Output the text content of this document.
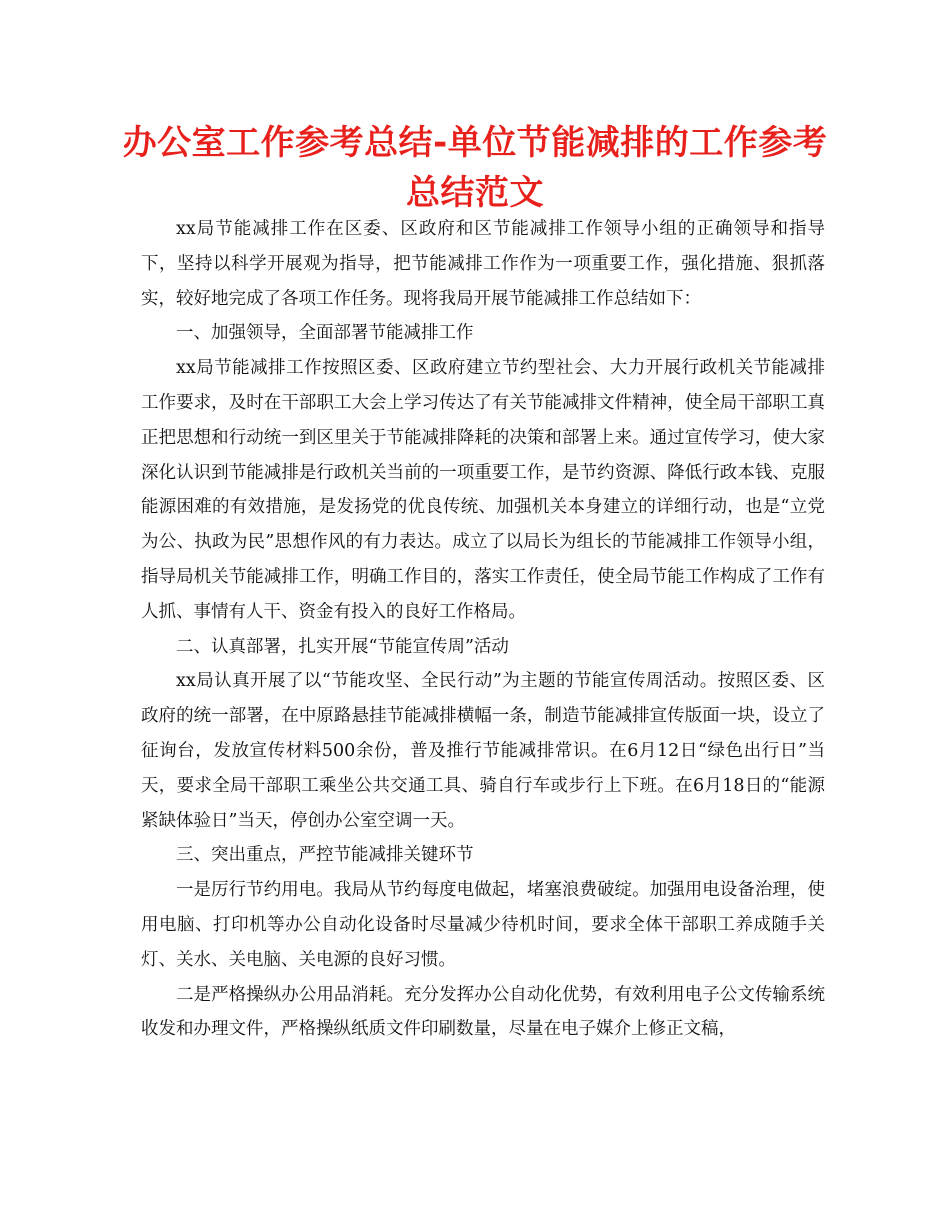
办公室工作参考总结-单位节能减排的工作参考总结范文

xx局节能减排工作在区委、区政府和区节能减排工作领导小组的正确领导和指导下，坚持以科学开展观为指导，把节能减排工作作为一项重要工作，强化措施、狠抓落实，较好地完成了各项工作任务。现将我局开展节能减排工作总结如下：

一、加强领导，全面部署节能减排工作

xx局节能减排工作按照区委、区政府建立节约型社会、大力开展行政机关节能减排工作要求，及时在干部职工大会上学习传达了有关节能减排文件精神，使全局干部职工真正把思想和行动统一到区里关于节能减排降耗的决策和部署上来。通过宣传学习，使大家深化认识到节能减排是行政机关当前的一项重要工作，是节约资源、降低行政本钱、克服能源困难的有效措施，是发扬党的优良传统、加强机关本身建立的详细行动，也是“立党为公、执政为民”思想作风的有力表达。成立了以局长为组长的节能减排工作领导小组，指导局机关节能减排工作，明确工作目的，落实工作责任，使全局节能工作构成了工作有人抓、事情有人干、资金有投入的良好工作格局。

二、认真部署，扎实开展“节能宣传周”活动

xx局认真开展了以“节能攻坚、全民行动”为主题的节能宣传周活动。按照区委、区政府的统一部署，在中原路悬挂节能减排横幅一条，制造节能减排宣传版面一块，设立了征询台，发放宣传材料500余份，普及推行节能减排常识。在6月12日“绿色出行日”当天，要求全局干部职工乘坐公共交通工具、骑自行车或步行上下班。在6月18日的“能源紧缺体验日”当天，停创办公室空调一天。

三、突出重点，严控节能减排关键环节

一是厉行节约用电。我局从节约每度电做起，堵塞浪费破绽。加强用电设备治理，使用电脑、打印机等办公自动化设备时尽量减少待机时间，要求全体干部职工养成随手关灯、关水、关电脑、关电源的良好习惯。

二是严格操纵办公用品消耗。充分发挥办公自动化优势，有效利用电子公文传输系统收发和办理文件，严格操纵纸质文件印刷数量，尽量在电子媒介上修正文稿，
